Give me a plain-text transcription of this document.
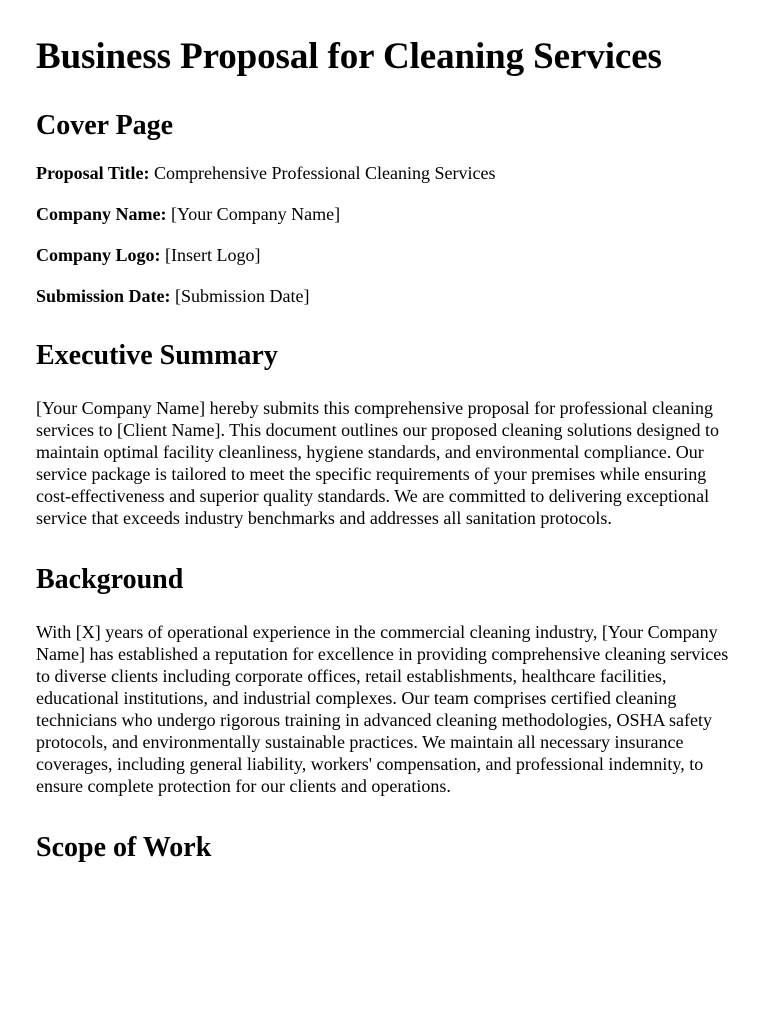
Business Proposal for Cleaning Services
Cover Page

Proposal Title: Comprehensive Professional Cleaning Services

Company Name: [Your Company Name]

Company Logo: [Insert Logo]

Submission Date: [Submission Date]

Executive Summary

[Your Company Name] hereby submits this comprehensive proposal for professional cleaning services to [Client Name]. This document outlines our proposed cleaning solutions designed to maintain optimal facility cleanliness, hygiene standards, and environmental compliance. Our service package is tailored to meet the specific requirements of your premises while ensuring cost-effectiveness and superior quality standards. We are committed to delivering exceptional service that exceeds industry benchmarks and addresses all sanitation protocols.

Background

With [X] years of operational experience in the commercial cleaning industry, [Your Company Name] has established a reputation for excellence in providing comprehensive cleaning services to diverse clients including corporate offices, retail establishments, healthcare facilities, educational institutions, and industrial complexes. Our team comprises certified cleaning technicians who undergo rigorous training in advanced cleaning methodologies, OSHA safety protocols, and environmentally sustainable practices. We maintain all necessary insurance coverages, including general liability, workers' compensation, and professional indemnity, to ensure complete protection for our clients and operations.

Scope of Work
